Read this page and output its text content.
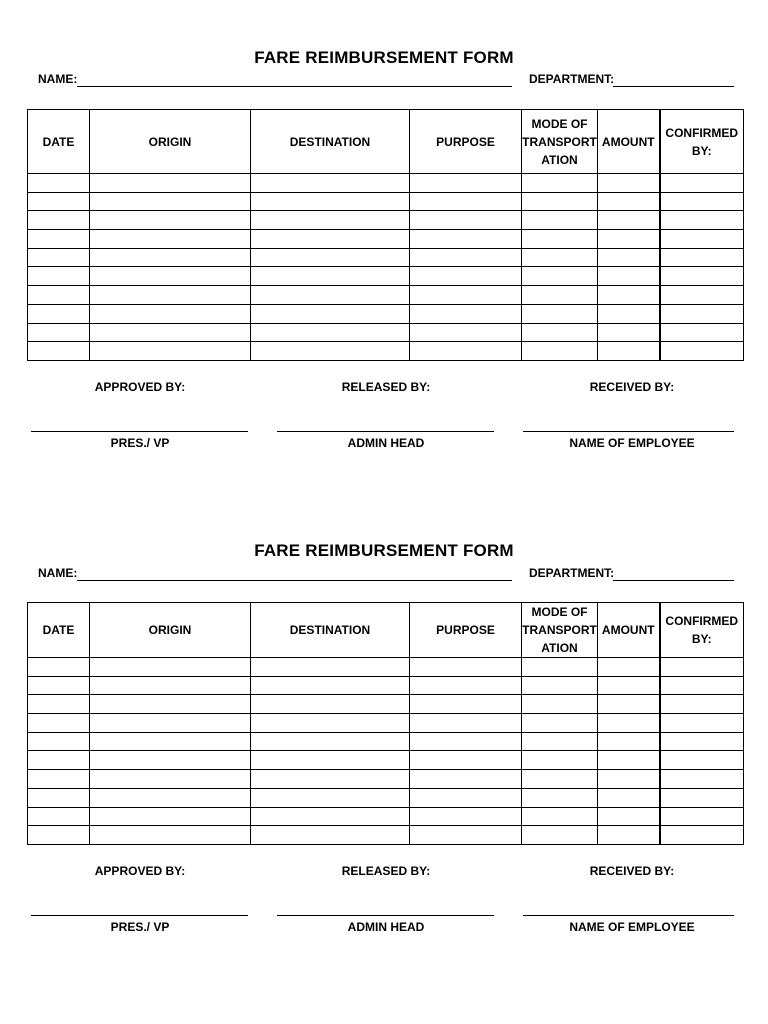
FARE REIMBURSEMENT FORM
NAME:	DEPARTMENT:
DATE	ORIGIN	DESTINATION	PURPOSE	MODE OF TRANSPORT ATION	AMOUNT	CONFIRMED BY:

APPROVED BY:	RELEASED BY:	RECEIVED BY:
PRES./ VP	ADMIN HEAD	NAME OF EMPLOYEE
FARE REIMBURSEMENT FORM
NAME:	DEPARTMENT:
DATE	ORIGIN	DESTINATION	PURPOSE	MODE OF TRANSPORT ATION	AMOUNT	CONFIRMED BY:

APPROVED BY:	RELEASED BY:	RECEIVED BY:
PRES./ VP	ADMIN HEAD	NAME OF EMPLOYEE
